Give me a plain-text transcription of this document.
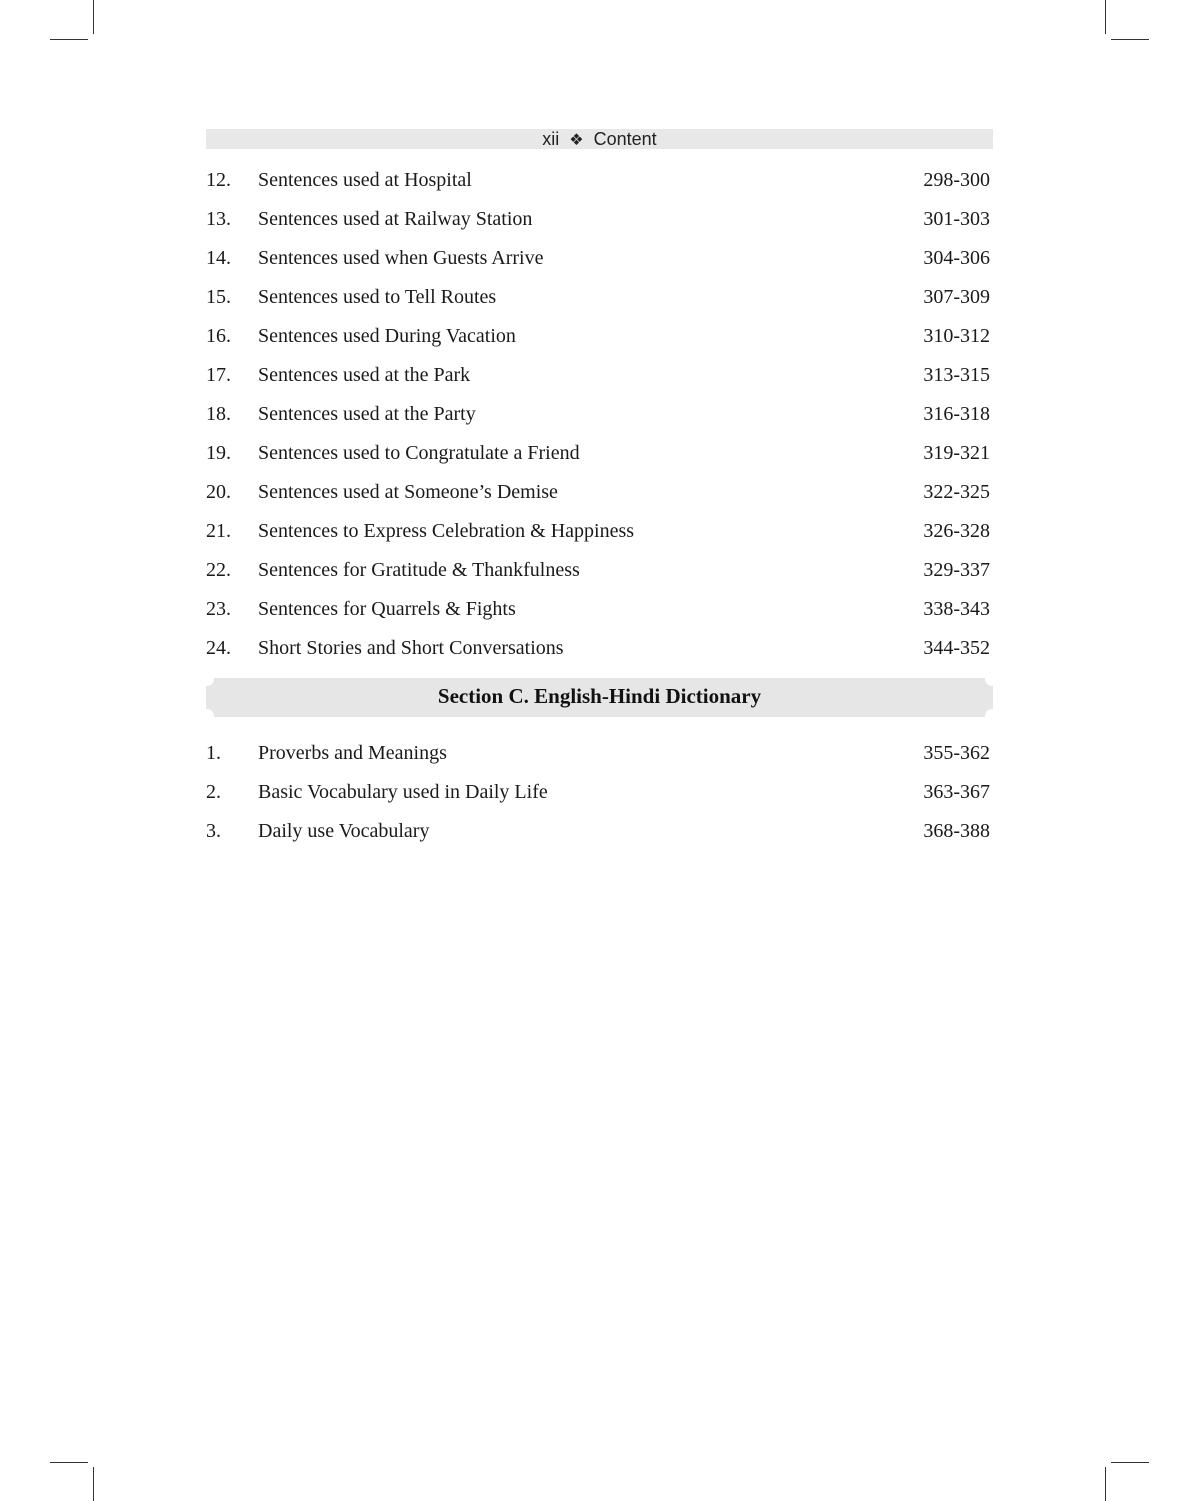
xii ❖ Content
12.	Sentences used at Hospital	298-300
13.	Sentences used at Railway Station	301-303
14.	Sentences used when Guests Arrive	304-306
15.	Sentences used to Tell Routes	307-309
16.	Sentences used During Vacation	310-312
17.	Sentences used at the Park	313-315
18.	Sentences used at the Party	316-318
19.	Sentences used to Congratulate a Friend	319-321
20.	Sentences used at Someone’s Demise	322-325
21.	Sentences to Express Celebration & Happiness	326-328
22.	Sentences for Gratitude & Thankfulness	329-337
23.	Sentences for Quarrels & Fights	338-343
24.	Short Stories and Short Conversations	344-352
Section C. English-Hindi Dictionary
1.	Proverbs and Meanings	355-362
2.	Basic Vocabulary used in Daily Life	363-367
3.	Daily use Vocabulary	368-388
